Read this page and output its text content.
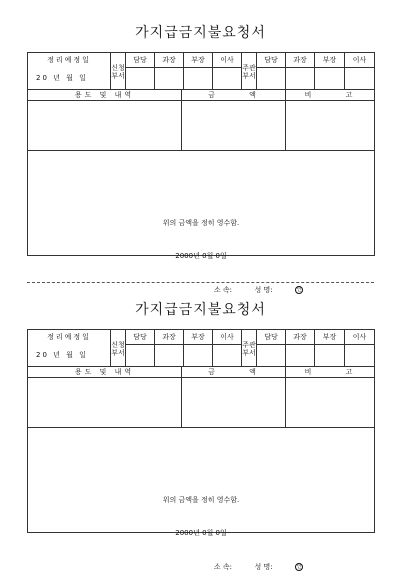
가지급금지불요청서
정리예정일	신청부서	담당	과장	부장	이사	주관부서	담당	과장	부장	이사
20 년 월 일										
용도 및 내역	금      액	비      고

위의 금액을 정히 영수함.
2000년 0월 0일
소 속: 성 명: 인		
가지급금지불요청서
정리예정일	신청부서	담당	과장	부장	이사	주관부서	담당	과장	부장	이사
20 년 월 일										
용도 및 내역	금      액	비      고

위의 금액을 정히 영수함.
2000년 0월 0일
소 속: 성 명: 인		
